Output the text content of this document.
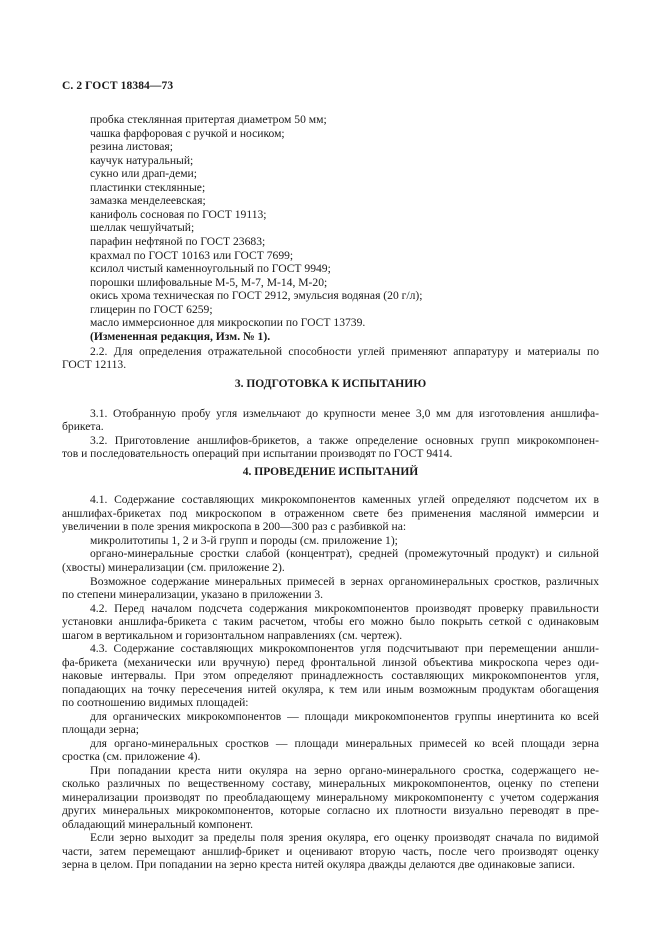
С. 2 ГОСТ 18384—73
пробка стеклянная притертая диаметром 50 мм;
чашка фарфоровая с ручкой и носиком;
резина листовая;
каучук натуральный;
сукно или драп-деми;
пластинки стеклянные;
замазка менделеевская;
канифоль сосновая по ГОСТ 19113;
шеллак чешуйчатый;
парафин нефтяной по ГОСТ 23683;
крахмал по ГОСТ 10163 или ГОСТ 7699;
ксилол чистый каменноугольный по ГОСТ 9949;
порошки шлифовальные М-5, М-7, М-14, М-20;
окись хрома техническая по ГОСТ 2912, эмульсия водяная (20 г/л);
глицерин по ГОСТ 6259;
масло иммерсионное для микроскопии по ГОСТ 13739.
(Измененная редакция, Изм. № 1).
2.2. Для определения отражательной способности углей применяют аппаратуру и материалы по
ГОСТ 12113.
3. ПОДГОТОВКА К ИСПЫТАНИЮ
3.1. Отобранную пробу угля измельчают до крупности менее 3,0 мм для изготовления аншлифа-
брикета.
3.2. Приготовление аншлифов-брикетов, а также определение основных групп микрокомпонен-
тов и последовательность операций при испытании производят по ГОСТ 9414.
4. ПРОВЕДЕНИЕ ИСПЫТАНИЙ
4.1. Содержание составляющих микрокомпонентов каменных углей определяют подсчетом их в
аншлифах-брикетах под микроскопом в отраженном свете без применения масляной иммерсии и
увеличении в поле зрения микроскопа в 200—300 раз с разбивкой на:
микролитотипы 1, 2 и 3-й групп и породы (см. приложение 1);
органо-минеральные сростки слабой (концентрат), средней (промежуточный продукт) и сильной
(хвосты) минерализации (см. приложение 2).
Возможное содержание минеральных примесей в зернах органоминеральных сростков, различных
по степени минерализации, указано в приложении 3.
4.2. Перед началом подсчета содержания микрокомпонентов производят проверку правильности
установки аншлифа-брикета с таким расчетом, чтобы его можно было покрыть сеткой с одинаковым
шагом в вертикальном и горизонтальном направлениях (см. чертеж).
4.3. Содержание составляющих микрокомпонентов угля подсчитывают при перемещении аншли-
фа-брикета (механически или вручную) перед фронтальной линзой объектива микроскопа через оди-
наковые интервалы. При этом определяют принадлежность составляющих микрокомпонентов угля,
попадающих на точку пересечения нитей окуляра, к тем или иным возможным продуктам обогащения
по соотношению видимых площадей:
для органических микрокомпонентов — площади микрокомпонентов группы инертинита ко всей
площади зерна;
для органо-минеральных сростков — площади минеральных примесей ко всей площади зерна
сростка (см. приложение 4).
При попадании креста нити окуляра на зерно органо-минерального сростка, содержащего не-
сколько различных по вещественному составу, минеральных микрокомпонентов, оценку по степени
минерализации производят по преобладающему минеральному микрокомпоненту с учетом содержания
других минеральных микрокомпонентов, которые согласно их плотности визуально переводят в пре-
обладающий минеральный компонент.
Если зерно выходит за пределы поля зрения окуляра, его оценку производят сначала по видимой
части, затем перемещают аншлиф-брикет и оценивают вторую часть, после чего производят оценку
зерна в целом. При попадании на зерно креста нитей окуляра дважды делаются две одинаковые записи.
